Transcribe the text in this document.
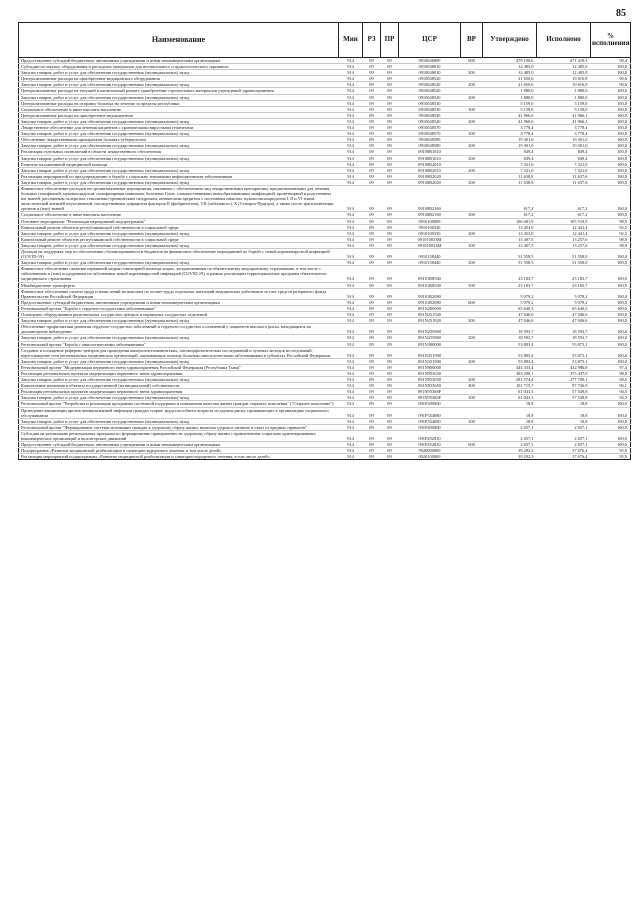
85
Наименование	Мин	РЗ	ПР	ЦСР	ВР	Утверждено	Исполнено	% исполнения
Предоставление субсидий бюджетным, автономным учреждениям и иным некоммерческим организациям	914	09	09	0910046900	600	479 100,6	471 419,5	98,4
Субсидии на закупку оборудования и расходных материалов для неонатального и аудиологического скрининга	914	09	09	0910048010		12 485,0	12 485,0	100,0
Закупка товаров, работ и услуг для обеспечения государственных (муниципальных) нужд	914	09	09	0910048010	200	12 485,0	12 485,0	100,0
Централизованные расходы на приобретение медицинского оборудования	914	09	09	0910048520		21 650,6	19 616,8	90,6
Закупка товаров, работ и услуг для обеспечения государственных (муниципальных) нужд	914	09	09	0910048520	200	21 650,6	19 616,8	90,6
Централизованные расходы на текущий и капитальный ремонт, приобретение строительных материалов учреждений здравоохранения	914	09	09	0910048520		1 880,0	1 880,0	100,0
Закупка товаров, работ и услуг для обеспечения государственных (муниципальных) нужд	914	09	09	0910048520	200	1 880,0	1 880,0	100,0
Централизованные расходы на отправку больных на лечение за пределы республики	914	09	09	0910048530		5 159,0	5 159,0	100,0
Социальное обеспечение и иные выплаты населению	914	09	09	0910048530	300	5 159,0	5 159,0	100,0
Централизованные расходы на приобретение медикаментов	914	09	09	0910048540		41 966,6	41 966,1	100,0
Закупка товаров, работ и услуг для обеспечения государственных (муниципальных) нужд	914	09	09	0910048540	200	41 966,6	41 966,1	100,0
Лекарственное обеспечение для лечения пациентов с хроническими вирусными гепатитами	914	09	09	0910048570		3 778,4	3 778,4	100,0
Закупка товаров, работ и услуг для обеспечения государственных (муниципальных) нужд	914	09	09	0910048570	200	3 778,4	3 778,4	100,0
Обеспечение лекарственными препаратами больных туберкулезом	914	09	09	0910048580		19 301,0	19 301,0	100,0
Закупка товаров, работ и услуг для обеспечения государственных (муниципальных) нужд	914	09	09	0910048580	200	19 301,0	19 301,0	100,0
Реализация отдельных полномочий в области лекарственного обеспечения	914	09	09	09100R1610		849,4	849,4	100,0
Закупка товаров, работ и услуг для обеспечения государственных (муниципальных) нужд	914	09	09	09100R1610	200	849,4	849,4	100,0
Развитие паллиативной медицинской помощи	914	09	09	09100R2010		7 321,0	7 321,0	100,0
Закупка товаров, работ и услуг для обеспечения государственных (муниципальных) нужд	914	09	09	09100R2010	200	7 321,0	7 321,0	100,0
Реализация мероприятий по предупреждению и борьбе с социально значимыми инфекционными заболеваниями	914	09	09	09100R2020		11 638,8	11 637,6	100,0
Закупка товаров, работ и услуг для обеспечения государственных (муниципальных) нужд	914	09	09	09100R2020	200	11 638,8	11 637,6	100,0
Финансовое обеспечение расходов на организационные мероприятия, связанные с обеспечением лиц лекарственными препаратами, предназначенными для лечения больных гемофилией, муковисцидозом, гипофизарным нанизмом, болезнью Гоше, злокачественными новообразованиями лимфоидной, кроветворной и родственных им тканей, рассеянным склерозом, гемолитико-уремическим синдромом, юношеским артритом с системным началом, мукополисахаридозом I, II и VI типов, апластической анемией неуточненной, наследственным дефицитом факторов II (фибриногена), VII (лабильного), X (Стюарта-Прауэра), а также после трансплантации органов и (или) тканей	914	09	09	09100R2160		617,2	617,2	100,0
Социальное обеспечение и иные выплаты населению	914	09	09	09100R2160	300	617,2	617,2	100,0
Основное мероприятие "Реализация мероприятий подпрограммы"	914	09	09	0910100000		106 681,9	105 519,9	98,9
Капитальный ремонт объектов республиканской собственности в социальной сфере	914	09	09	0910100330		13 453,0	12 441,4	92,5
Закупка товаров, работ и услуг для обеспечения государственных (муниципальных) нужд	914	09	09	0910100330	200	13 453,0	12 441,4	92,5
Капитальный ремонт объектов республиканской собственности в социальной сфере	914	09	09	091010033М		13 407,5	13 257,6	98,9
Закупка товаров, работ и услуг для обеспечения государственных (муниципальных) нужд	914	09	09	091010033М	200	13 407,5	13 257,6	98,9
Дотации на поддержку мер по обеспечению сбалансированности бюджетов на финансовое обеспечение мероприятий по борьбе с новой коронавирусной инфекцией (COVID-19)	914	09	09	0910158440		51 558,5	51 558,0	100,0
Закупка товаров, работ и услуг для обеспечения государственных (муниципальных) нужд	914	09	09	0910158440	200	51 558,5	51 558,0	100,0
Финансовое обеспечение оказания первичной медико-санитарной помощи лицам, застрахованным по обязательному медицинскому страхованию, в том числе с заболеванием и (или) подозрением на заболевание новой коронавирусной инфекцией (COVID-19), в рамках реализации территориальных программ обязательного медицинского страхования	914	09	09	09101R8540		23 183,7	23 183,7	100,0
Межбюджетные трансферты	914	09	09	09101R8540	500	23 183,7	23 183,7	100,0
Финансовое обеспечение оплаты труда и начислений на выплаты по оплате труда отдельных категорий медицинских работников за счет средств резервного фонда Правительства Российской Федерации	914	09	09	09101R2080		5 079,2	5 079,2	100,0
Предоставление субсидий бюджетным, автономным учреждениям и иным некоммерческим организациям	914	09	09	09101R2080	600	5 079,2	5 079,2	100,0
Региональный проект "Борьба с сердечно-сосудистыми заболеваниями"	914	09	09	091N200000		65 640,3	65 640,3	100,0
Оснащение оборудованием региональных сосудистых центров и первичных сосудистых отделений	914	09	09	091N251920		47 046,6	47 046,6	100,0
Закупка товаров, работ и услуг для обеспечения государственных (муниципальных) нужд	914	09	09	091N251920	200	47 046,6	47 046,6	100,0
Обеспечение профилактики развития сердечно-сосудистых заболеваний и сердечно-сосудистых осложнений у пациентов высокого риска, находящихся на диспансерном наблюдении	914	09	09	091N255860		18 593,7	18 593,7	100,0
Закупка товаров, работ и услуг для обеспечения государственных (муниципальных) нужд	914	09	09	091N255860	200	18 593,7	18 593,7	100,0
Региональный проект "Борьба с онкологическими заболеваниями"	914	09	09	091N300000		53 883,4	53 875,1	100,0
Создание и оснащение референс-центров для проведения иммуногистохимических, патоморфологических исследований и лучевых методов исследований, переоснащение сети региональных медицинских организаций, оказывающих помощь больным онкологическими заболеваниями в субъектах Российской Федерации	914	09	09	091N351900		53 883,4	53 875,1	100,0
Закупка товаров, работ и услуг для обеспечения государственных (муниципальных) нужд	914	09	09	091N351900	200	53 883,4	53 875,1	100,0
Региональный проект "Модернизация первичного звена здравоохранения Российской Федерации (Республика Тыва)"	914	09	09	091N900000		444 333,4	432 986,8	97,4
Реализация региональных проектов модернизации первичного звена здравоохранения	914	09	09	091N953650		383 290,1	375 437,0	98,0
Закупка товаров, работ и услуг для обеспечения государственных (муниципальных) нужд	914	09	09	091N953650	200	281 574,4	277 700,1	98,6
Капитальные вложения в объекты государственной (муниципальной) собственности	914	09	09	091N953650	400	101 715,7	97 736,9	96,1
Реализация региональных проектов модернизации первичного звена здравоохранения	914	09	09	091N9536SF		61 043,3	57 549,8	94,3
Закупка товаров, работ и услуг для обеспечения государственных (муниципальных) нужд	914	09	09	091N9536SF	200	61 043,3	57 549,8	94,3
Региональный проект "Разработка и реализация программы системной поддержки и повышения качества жизни граждан старшего поколения" ("Старшее поколение")	914	09	09	091P300000		18,8	18,8	100,0
Проведение вакцинации против пневмококковой инфекции граждан старше трудоспособного возраста из группы риска, проживающих в организациях социального обслуживания	914	09	09	091P354680		18,8	18,8	100,0
Закупка товаров, работ и услуг для обеспечения государственных (муниципальных) нужд	914	09	09	091P354680	200	18,8	18,8	100,0
Региональный проект "Формирование системы мотивации граждан к здоровому образу жизни, включая здоровое питание и отказ от вредных привычек"	914	09	09	091P400000		2 657,1	2 657,1	100,0
Субсидия на реализацию региональных программ по формированию приверженности здоровому образу жизни с привлечением социально ориентированных некоммерческих организаций и волонтерских движений	914	09	09	091P452810		2 657,1	2 657,1	100,0
Предоставление субсидий бюджетным, автономным учреждениям и иным некоммерческим организациям	914	09	09	091P452810	600	2 657,1	2 657,1	100,0
Подпрограмма «Развитие медицинской реабилитации и санаторно-курортного лечения, в том числе детей»	914	09	09	0920000000		39 292,3	37 676,4	95,9
Реализация мероприятий подпрограммы «Развитие медицинской реабилитации и санаторно-курортного лечения, в том числе детей»	914	09	09	0920100000		39 292,3	37 676,4	95,9
